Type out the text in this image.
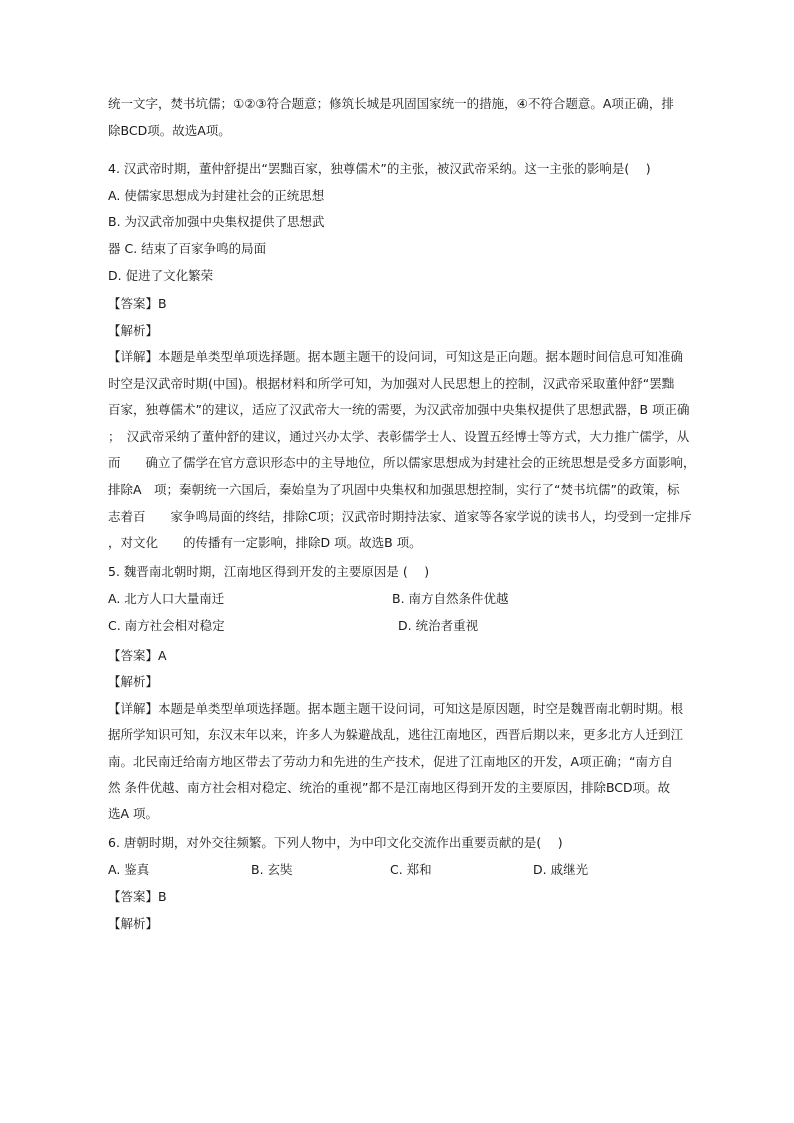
统一文字，焚书坑儒；①②③符合题意；修筑长城是巩固国家统一的措施，④不符合题意。A项正确，排
除BCD项。故选A项。
4. 汉武帝时期，董仲舒提出“罢黜百家，独尊儒术”的主张，被汉武帝采纳。这一主张的影响是(　 )
A. 使儒家思想成为封建社会的正统思想
B. 为汉武帝加强中央集权提供了思想武
器 C. 结束了百家争鸣的局面
D. 促进了文化繁荣
【答案】B
【解析】
【详解】本题是单类型单项选择题。据本题主题干的设问词，可知这是正向题。据本题时间信息可知准确
时空是汉武帝时期(中国)。根据材料和所学可知，为加强对人民思想上的控制，汉武帝采取董仲舒“罢黜
百家，独尊儒术”的建议，适应了汉武帝大一统的需要，为汉武帝加强中央集权提供了思想武器，B 项正确
；　汉武帝采纳了董仲舒的建议，通过兴办太学、表彰儒学士人、设置五经博士等方式，大力推广儒学，从
而　　确立了儒学在官方意识形态中的主导地位，所以儒家思想成为封建社会的正统思想是受多方面影响，
排除A　项；秦朝统一六国后，秦始皇为了巩固中央集权和加强思想控制，实行了“焚书坑儒”的政策，标
志着百　　家争鸣局面的终结，排除C项；汉武帝时期持法家、道家等各家学说的读书人，均受到一定排斥
，对文化　　的传播有一定影响，排除D 项。故选B 项。
5. 魏晋南北朝时期，江南地区得到开发的主要原因是 (　 )
A. 北方人口大量南迁	B. 南方自然条件优越
C. 南方社会相对稳定	D. 统治者重视
【答案】A
【解析】
【详解】本题是单类型单项选择题。据本题主题干设问词，可知这是原因题，时空是魏晋南北朝时期。根
据所学知识可知，东汉末年以来，许多人为躲避战乱，逃往江南地区，西晋后期以来，更多北方人迁到江
南。北民南迁给南方地区带去了劳动力和先进的生产技术，促进了江南地区的开发，A项正确；“南方自
然 条件优越、南方社会相对稳定、统治的重视”都不是江南地区得到开发的主要原因，排除BCD项。故
选A 项。
6. 唐朝时期，对外交往频繁。下列人物中，为中印文化交流作出重要贡献的是(　 )
A. 鉴真	B. 玄奘	C. 郑和	D. 戚继光
【答案】B
【解析】
